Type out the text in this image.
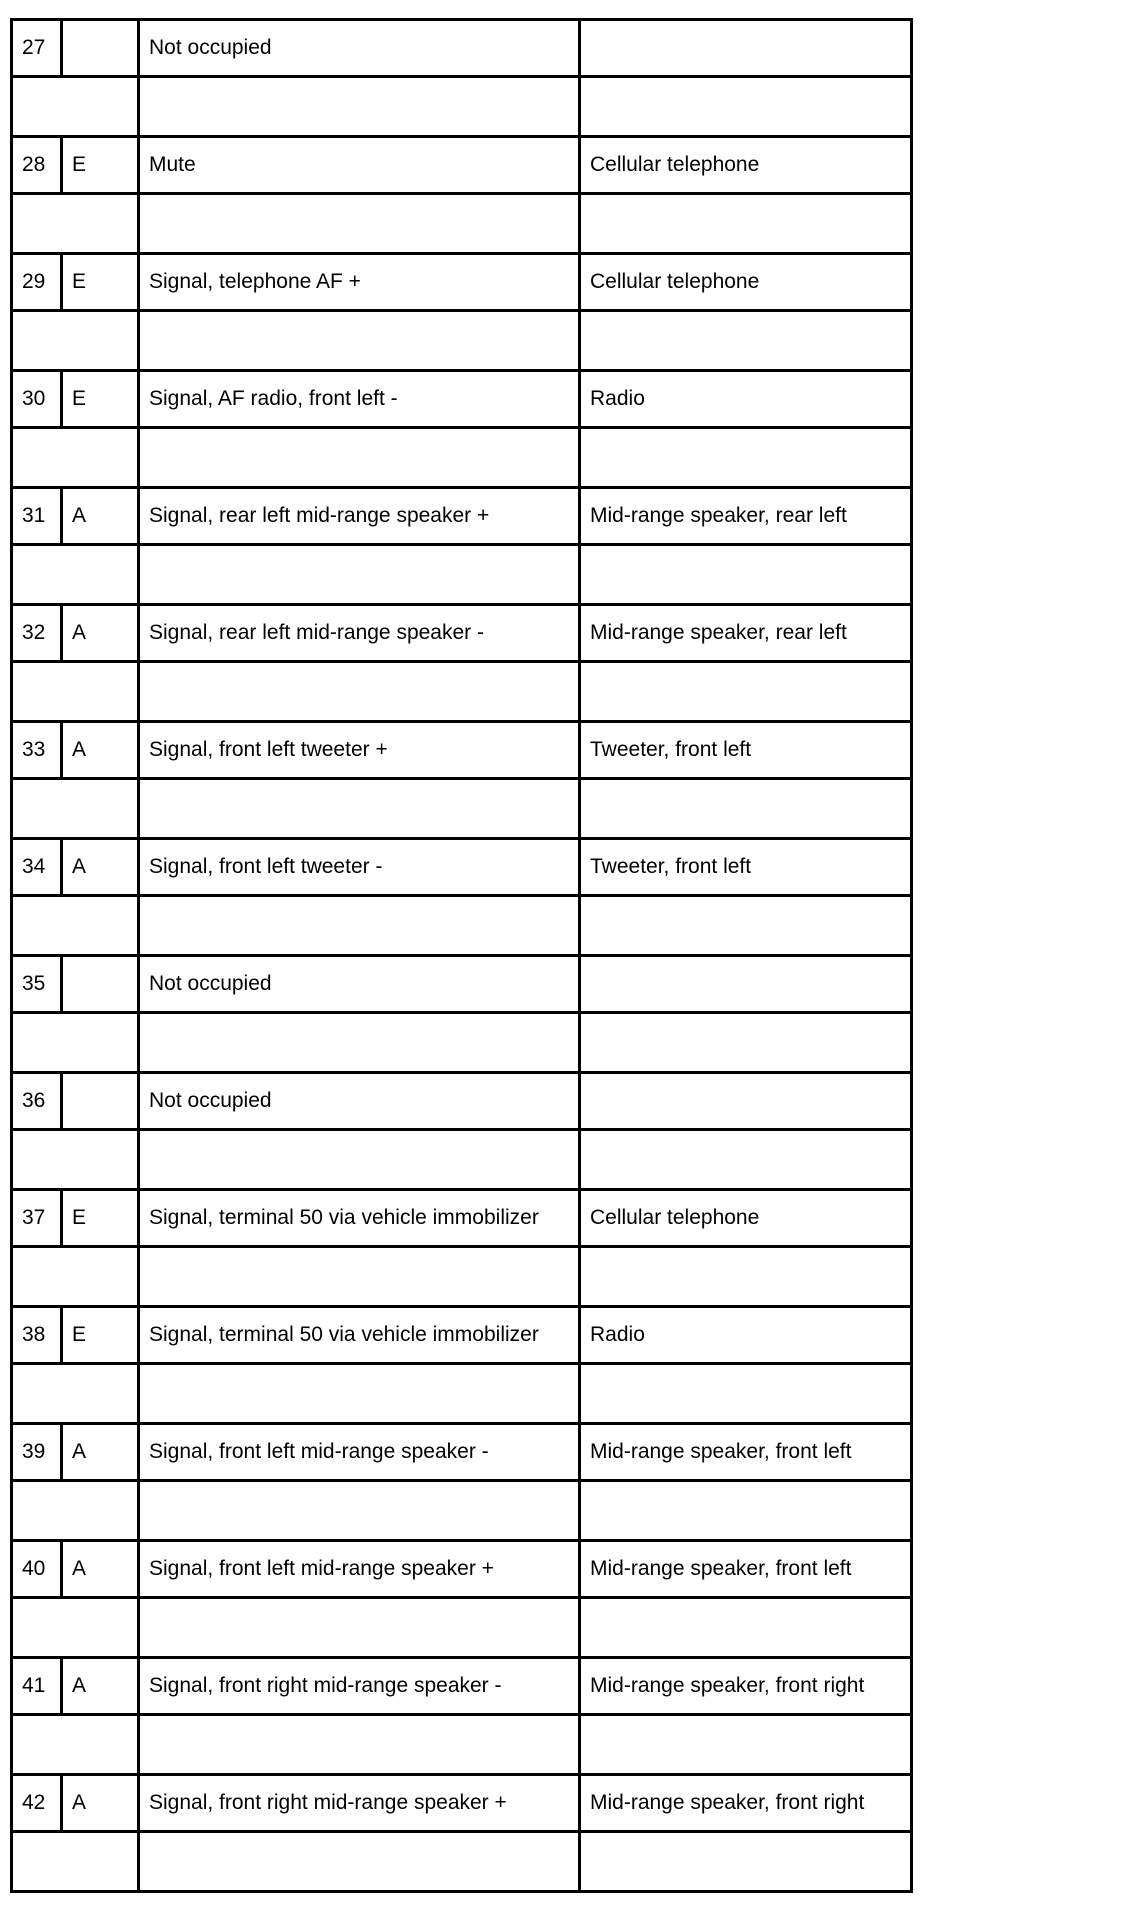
27		Not occupied	

28	E	Mute	Cellular telephone

29	E	Signal, telephone AF +	Cellular telephone

30	E	Signal, AF radio, front left -	Radio

31	A	Signal, rear left mid-range speaker +	Mid-range speaker, rear left

32	A	Signal, rear left mid-range speaker -	Mid-range speaker, rear left

33	A	Signal, front left tweeter +	Tweeter, front left

34	A	Signal, front left tweeter -	Tweeter, front left

35		Not occupied	

36		Not occupied	

37	E	Signal, terminal 50 via vehicle immobilizer	Cellular telephone

38	E	Signal, terminal 50 via vehicle immobilizer	Radio

39	A	Signal, front left mid-range speaker -	Mid-range speaker, front left

40	A	Signal, front left mid-range speaker +	Mid-range speaker, front left

41	A	Signal, front right mid-range speaker -	Mid-range speaker, front right

42	A	Signal, front right mid-range speaker +	Mid-range speaker, front right
